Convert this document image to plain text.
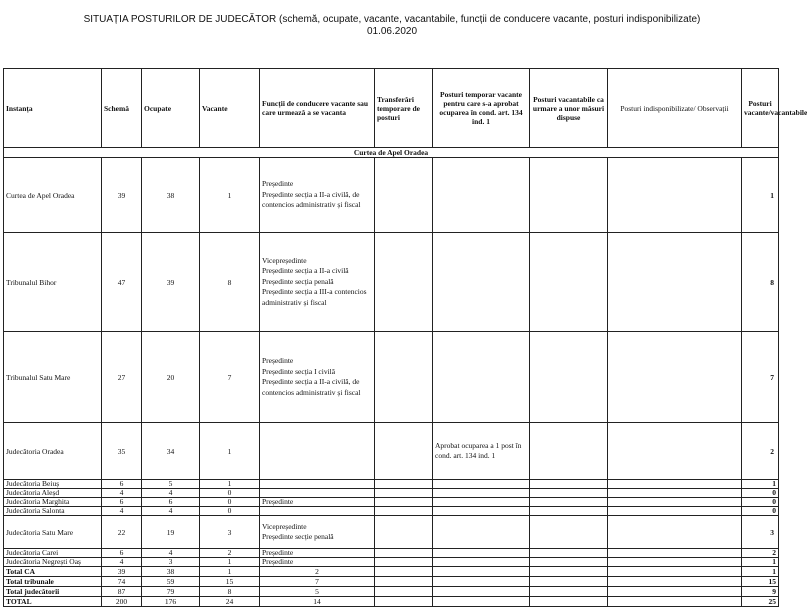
SITUAȚIA POSTURILOR DE JUDECĂTOR (schemă, ocupate, vacante, vacantabile, funcții de conducere vacante, posturi indisponibilizate)
01.06.2020
Instanța	Schemă	Ocupate	Vacante	Funcții de conducere vacante sau care urmează a se vacanta	Transferări temporare de posturi	Posturi temporar vacante pentru care s-a aprobat ocuparea în cond. art. 134 ind. 1	Posturi vacantabile ca urmare a unor măsuri dispuse	Posturi indisponibilizate/ Observații	Posturi vacante/vacantabile
Curtea de Apel Oradea									
Curtea de Apel Oradea	39	38	1	Președinte
Președinte secția a II-a civilă, de contencios administrativ și fiscal					1
Tribunalul Bihor	47	39	8	Vicepreședinte
Președinte secția a II-a civilă
Președinte secția penală
Președinte secția a III-a contencios administrativ și fiscal					8
Tribunalul Satu Mare	27	20	7	Președinte
Președinte secția I civilă
Președinte secția a II-a civilă, de contencios administrativ și fiscal					7
Judecătoria Oradea	35	34	1			Aprobat ocuparea a 1 post în cond. art. 134 ind. 1			2
Judecătoria Beiuș	6	5	1						1
Judecătoria Aleșd	4	4	0						0
Judecătoria Marghita	6	6	0	Președinte					0
Judecătoria Salonta	4	4	0						0
Judecătoria Satu Mare	22	19	3	Vicepreședinte
Președinte secție penală					3
Judecătoria Carei	6	4	2	Președinte					2
Judecătoria Negrești Oaș	4	3	1	Președinte					1
Total CA	39	38	1	2					1
Total tribunale	74	59	15	7					15
Total judecătorii	87	79	8	5					9
TOTAL	200	176	24	14					25
